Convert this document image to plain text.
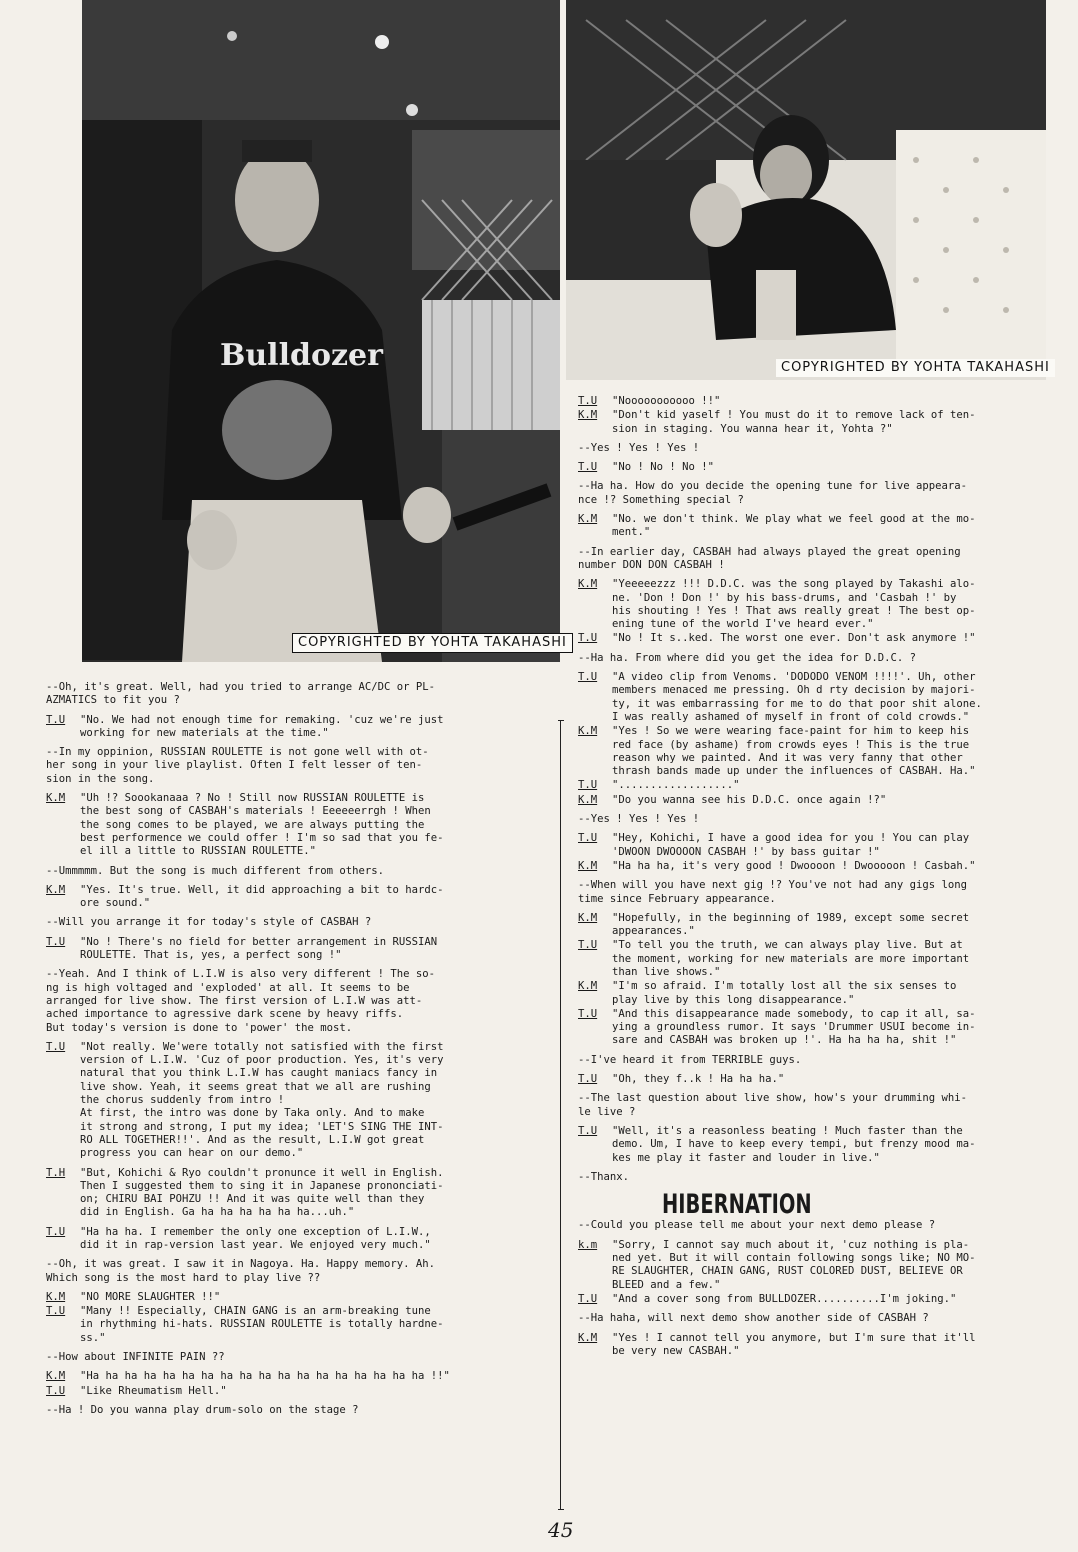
Bulldozer
COPYRIGHTED BY YOHTA TAKAHASHI
COPYRIGHTED BY YOHTA TAKAHASHI
--Oh, it's great. Well, had you tried to arrange AC/DC or PL-
AZMATICS to fit you ?
T.U	"No. We had not enough time for remaking. 'cuz we're just
working for new materials at the time."
--In my oppinion, RUSSIAN ROULETTE is not gone well with ot-
her song in your live playlist. Often I felt lesser of ten-
sion in the song.
K.M	"Uh !? Soookanaaa ? No ! Still now RUSSIAN ROULETTE is
the best song of CASBAH's materials ! Eeeeeerrgh ! When
the song comes to be played, we are always putting the
best performence we could offer ! I'm so sad that you fe-
el ill a little to RUSSIAN ROULETTE."
--Ummmmm. But the song is much different from others.
K.M	"Yes. It's true. Well, it did approaching a bit to hardc-
ore sound."
--Will you arrange it for today's style of CASBAH ?
T.U	"No ! There's no field for better arrangement in RUSSIAN
ROULETTE. That is, yes, a perfect song !"
--Yeah. And I think of L.I.W is also very different ! The so-
ng is high voltaged and 'exploded' at all. It seems to be
arranged for live show. The first version of L.I.W was att-
ached importance to agressive dark scene by heavy riffs.
But today's version is done to 'power' the most.
T.U	"Not really. We'were totally not satisfied with the first
version of L.I.W. 'Cuz of poor production. Yes, it's very
natural that you think L.I.W has caught maniacs fancy in
live show. Yeah, it seems great that we all are rushing
the chorus suddenly from intro !
At first, the intro was done by Taka only. And to make
it strong and strong, I put my idea; 'LET'S SING THE INT-
RO ALL TOGETHER!!'. And as the result, L.I.W got great
progress you can hear on our demo."
T.H	"But, Kohichi & Ryo couldn't pronunce it well in English.
Then I suggested them to sing it in Japanese prononciati-
on; CHIRU BAI POHZU !! And it was quite well than they
did in English. Ga ha ha ha ha ha ha...uh."
T.U	"Ha ha ha. I remember the only one exception of L.I.W.,
did it in rap-version last year. We enjoyed very much."
--Oh, it was great. I saw it in Nagoya. Ha. Happy memory. Ah.
Which song is the most hard to play live ??
K.M	"NO MORE SLAUGHTER !!"
T.U	"Many !! Especially, CHAIN GANG is an arm-breaking tune
in rhythming hi-hats. RUSSIAN ROULETTE is totally hardne-
ss."
--How about INFINITE PAIN ??
K.M	"Ha ha ha ha ha ha ha ha ha ha ha ha ha ha ha ha ha ha !!"
T.U	"Like Rheumatism Hell."
--Ha ! Do you wanna play drum-solo on the stage ?
T.U	"Nooooooooooo !!"
K.M	"Don't kid yaself ! You must do it to remove lack of ten-
sion in staging. You wanna hear it, Yohta ?"
--Yes ! Yes ! Yes !
T.U	"No ! No ! No !"
--Ha ha. How do you decide the opening tune for live appeara-
nce !? Something special ?
K.M	"No. we don't think. We play what we feel good at the mo-
ment."
--In earlier day, CASBAH had always played the great opening
number DON DON CASBAH !
K.M	"Yeeeeezzz !!! D.D.C. was the song played by Takashi alo-
ne. 'Don ! Don !' by his bass-drums, and 'Casbah !' by
his shouting ! Yes ! That aws really great ! The best op-
ening tune of the world I've heard ever."
T.U	"No ! It s..ked. The worst one ever. Don't ask anymore !"
--Ha ha. From where did you get the idea for D.D.C. ?
T.U	"A video clip from Venoms. 'DODODO VENOM !!!!'. Uh, other
members menaced me pressing. Oh d rty decision by majori-
ty, it was embarrassing for me to do that poor shit alone.
I was really ashamed of myself in front of cold crowds."
K.M	"Yes ! So we were wearing face-paint for him to keep his
red face (by ashame) from crowds eyes ! This is the true
reason why we painted. And it was very fanny that other
thrash bands made up under the influences of CASBAH. Ha."
T.U	".................."
K.M	"Do you wanna see his D.D.C. once again !?"
--Yes ! Yes ! Yes !
T.U	"Hey, Kohichi, I have a good idea for you ! You can play
'DWOON DWOOOON CASBAH !' by bass guitar !"
K.M	"Ha ha ha, it's very good ! Dwoooon ! Dwooooon ! Casbah."
--When will you have next gig !? You've not had any gigs long
time since February appearance.
K.M	"Hopefully, in the beginning of 1989, except some secret
appearances."
T.U	"To tell you the truth, we can always play live. But at
the moment, working for new materials are more important
than live shows."
K.M	"I'm so afraid. I'm totally lost all the six senses to
play live by this long disappearance."
T.U	"And this disappearance made somebody, to cap it all, sa-
ying a groundless rumor. It says 'Drummer USUI become in-
sare and CASBAH was broken up !'. Ha ha ha ha, shit !"
--I've heard it from TERRIBLE guys.
T.U	"Oh, they f..k ! Ha ha ha."
--The last question about live show, how's your drumming whi-
le live ?
T.U	"Well, it's a reasonless beating ! Much faster than the
demo. Um, I have to keep every tempi, but frenzy mood ma-
kes me play it faster and louder in live."
--Thanx.
HIBERNATION
--Could you please tell me about your next demo please ?
k.m	"Sorry, I cannot say much about it, 'cuz nothing is pla-
ned yet. But it will contain following songs like; NO MO-
RE SLAUGHTER, CHAIN GANG, RUST COLORED DUST, BELIEVE OR
BLEED and a few."
T.U	"And a cover song from BULLDOZER..........I'm joking."
--Ha haha, will next demo show another side of CASBAH ?
K.M	"Yes ! I cannot tell you anymore, but I'm sure that it'll
be very new CASBAH."
45
